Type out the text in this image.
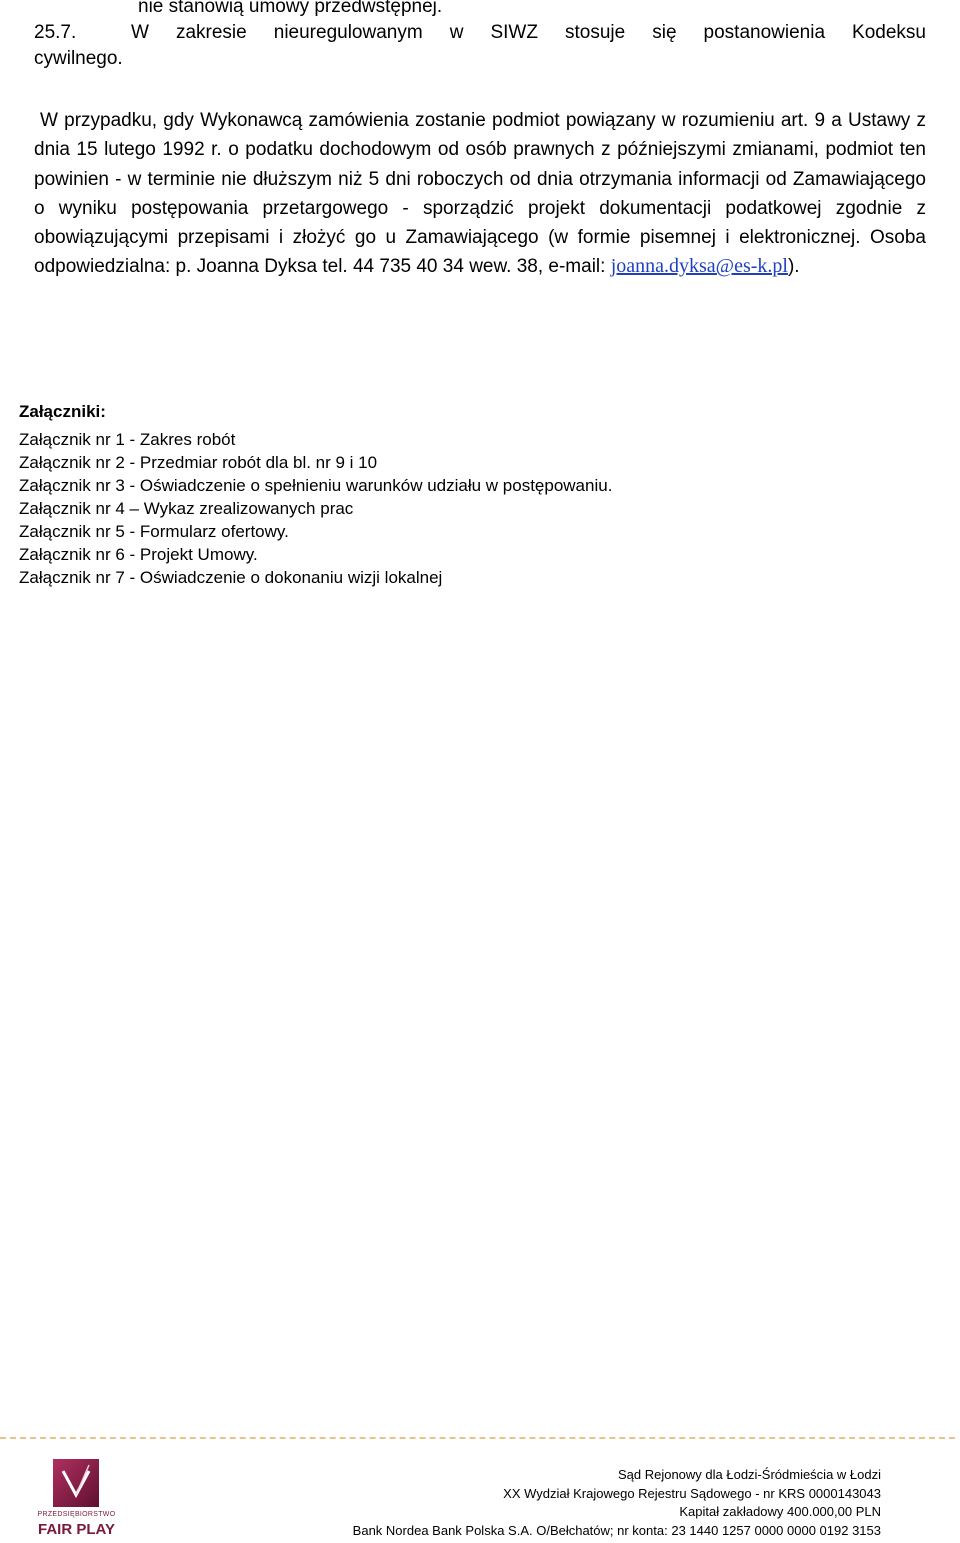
nie stanowią umowy przedwstępnej.
25.7.	W zakresie nieuregulowanym w SIWZ stosuje się postanowienia Kodeksu
cywilnego.
W przypadku, gdy Wykonawcą zamówienia zostanie podmiot powiązany w rozumieniu art. 9 a Ustawy z dnia 15 lutego 1992 r. o podatku dochodowym od osób prawnych z późniejszymi zmianami, podmiot ten powinien - w terminie nie dłuższym niż 5 dni roboczych od dnia otrzymania informacji od Zamawiającego o wyniku postępowania przetargowego - sporządzić projekt dokumentacji podatkowej zgodnie z obowiązującymi przepisami i złożyć go u Zamawiającego (w formie pisemnej i elektronicznej. Osoba odpowiedzialna: p. Joanna Dyksa tel. 44 735 40 34 wew. 38, e-mail: joanna.dyksa@es-k.pl).
Załączniki:
Załącznik nr 1 - Zakres robót
Załącznik nr 2 - Przedmiar robót dla bl. nr 9 i 10
Załącznik nr 3 - Oświadczenie o spełnieniu warunków udziału w postępowaniu.
Załącznik nr 4 – Wykaz zrealizowanych prac
Załącznik nr 5 - Formularz ofertowy.
Załącznik nr 6 - Projekt Umowy.
Załącznik nr 7 - Oświadczenie o dokonaniu wizji lokalnej
PRZEDSIĘBIORSTWO
FAIR PLAY
Sąd Rejonowy dla Łodzi-Śródmieścia w Łodzi
XX Wydział Krajowego Rejestru Sądowego - nr KRS 0000143043
Kapitał zakładowy 400.000,00 PLN
Bank Nordea Bank Polska S.A. O/Bełchatów; nr konta: 23 1440 1257 0000 0000 0192 3153
